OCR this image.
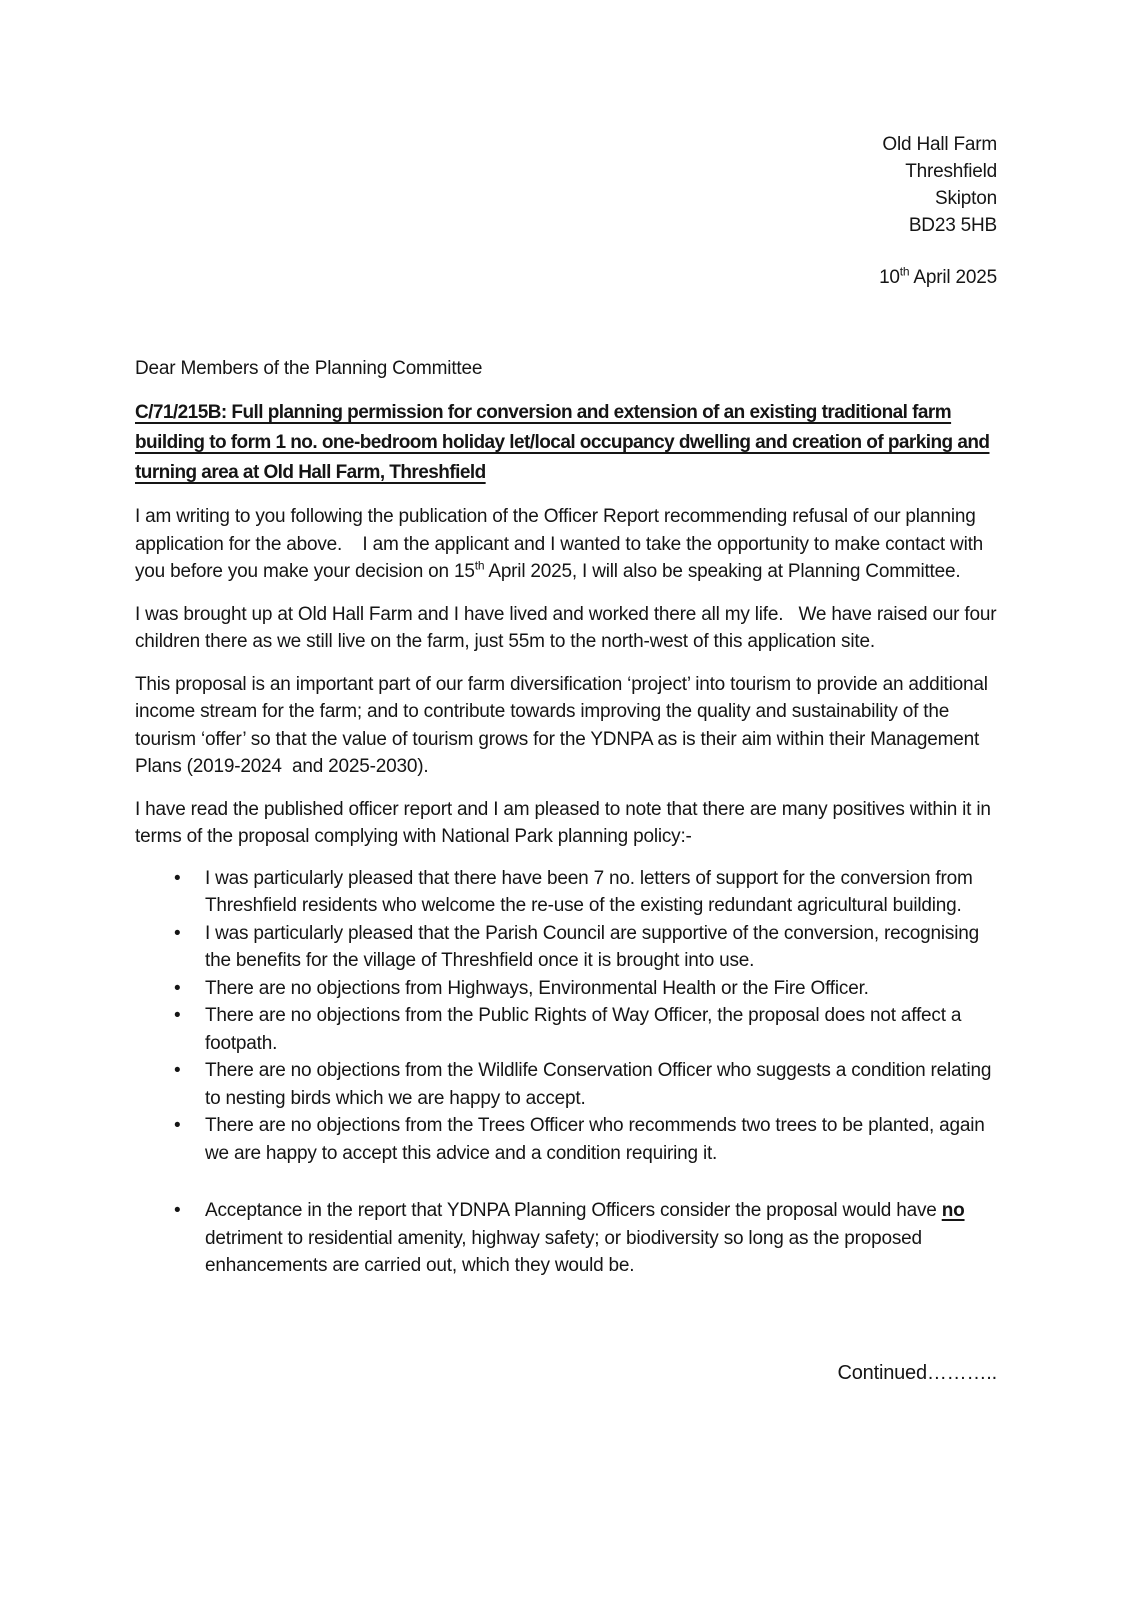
Old Hall Farm
Threshfield
Skipton
BD23 5HB
10th April 2025

Dear Members of the Planning Committee

C/71/215B: Full planning permission for conversion and extension of an existing traditional farm building to form 1 no. one-bedroom holiday let/local occupancy dwelling and creation of parking and turning area at Old Hall Farm, Threshfield

I am writing to you following the publication of the Officer Report recommending refusal of our planning application for the above.    I am the applicant and I wanted to take the opportunity to make contact with you before you make your decision on 15th April 2025, I will also be speaking at Planning Committee.

I was brought up at Old Hall Farm and I have lived and worked there all my life.   We have raised our four children there as we still live on the farm, just 55m to the north-west of this application site.

This proposal is an important part of our farm diversification ‘project’ into tourism to provide an additional income stream for the farm; and to contribute towards improving the quality and sustainability of the tourism ‘offer’ so that the value of tourism grows for the YDNPA as is their aim within their Management Plans (2019-2024  and 2025-2030).

I have read the published officer report and I am pleased to note that there are many positives within it in terms of the proposal complying with National Park planning policy:-

• I was particularly pleased that there have been 7 no. letters of support for the conversion from Threshfield residents who welcome the re-use of the existing redundant agricultural building.
• I was particularly pleased that the Parish Council are supportive of the conversion, recognising the benefits for the village of Threshfield once it is brought into use.
• There are no objections from Highways, Environmental Health or the Fire Officer.
• There are no objections from the Public Rights of Way Officer, the proposal does not affect a footpath.
• There are no objections from the Wildlife Conservation Officer who suggests a condition relating to nesting birds which we are happy to accept.
• There are no objections from the Trees Officer who recommends two trees to be planted, again we are happy to accept this advice and a condition requiring it.
• Acceptance in the report that YDNPA Planning Officers consider the proposal would have no detriment to residential amenity, highway safety; or biodiversity so long as the proposed enhancements are carried out, which they would be.
Continued………..
